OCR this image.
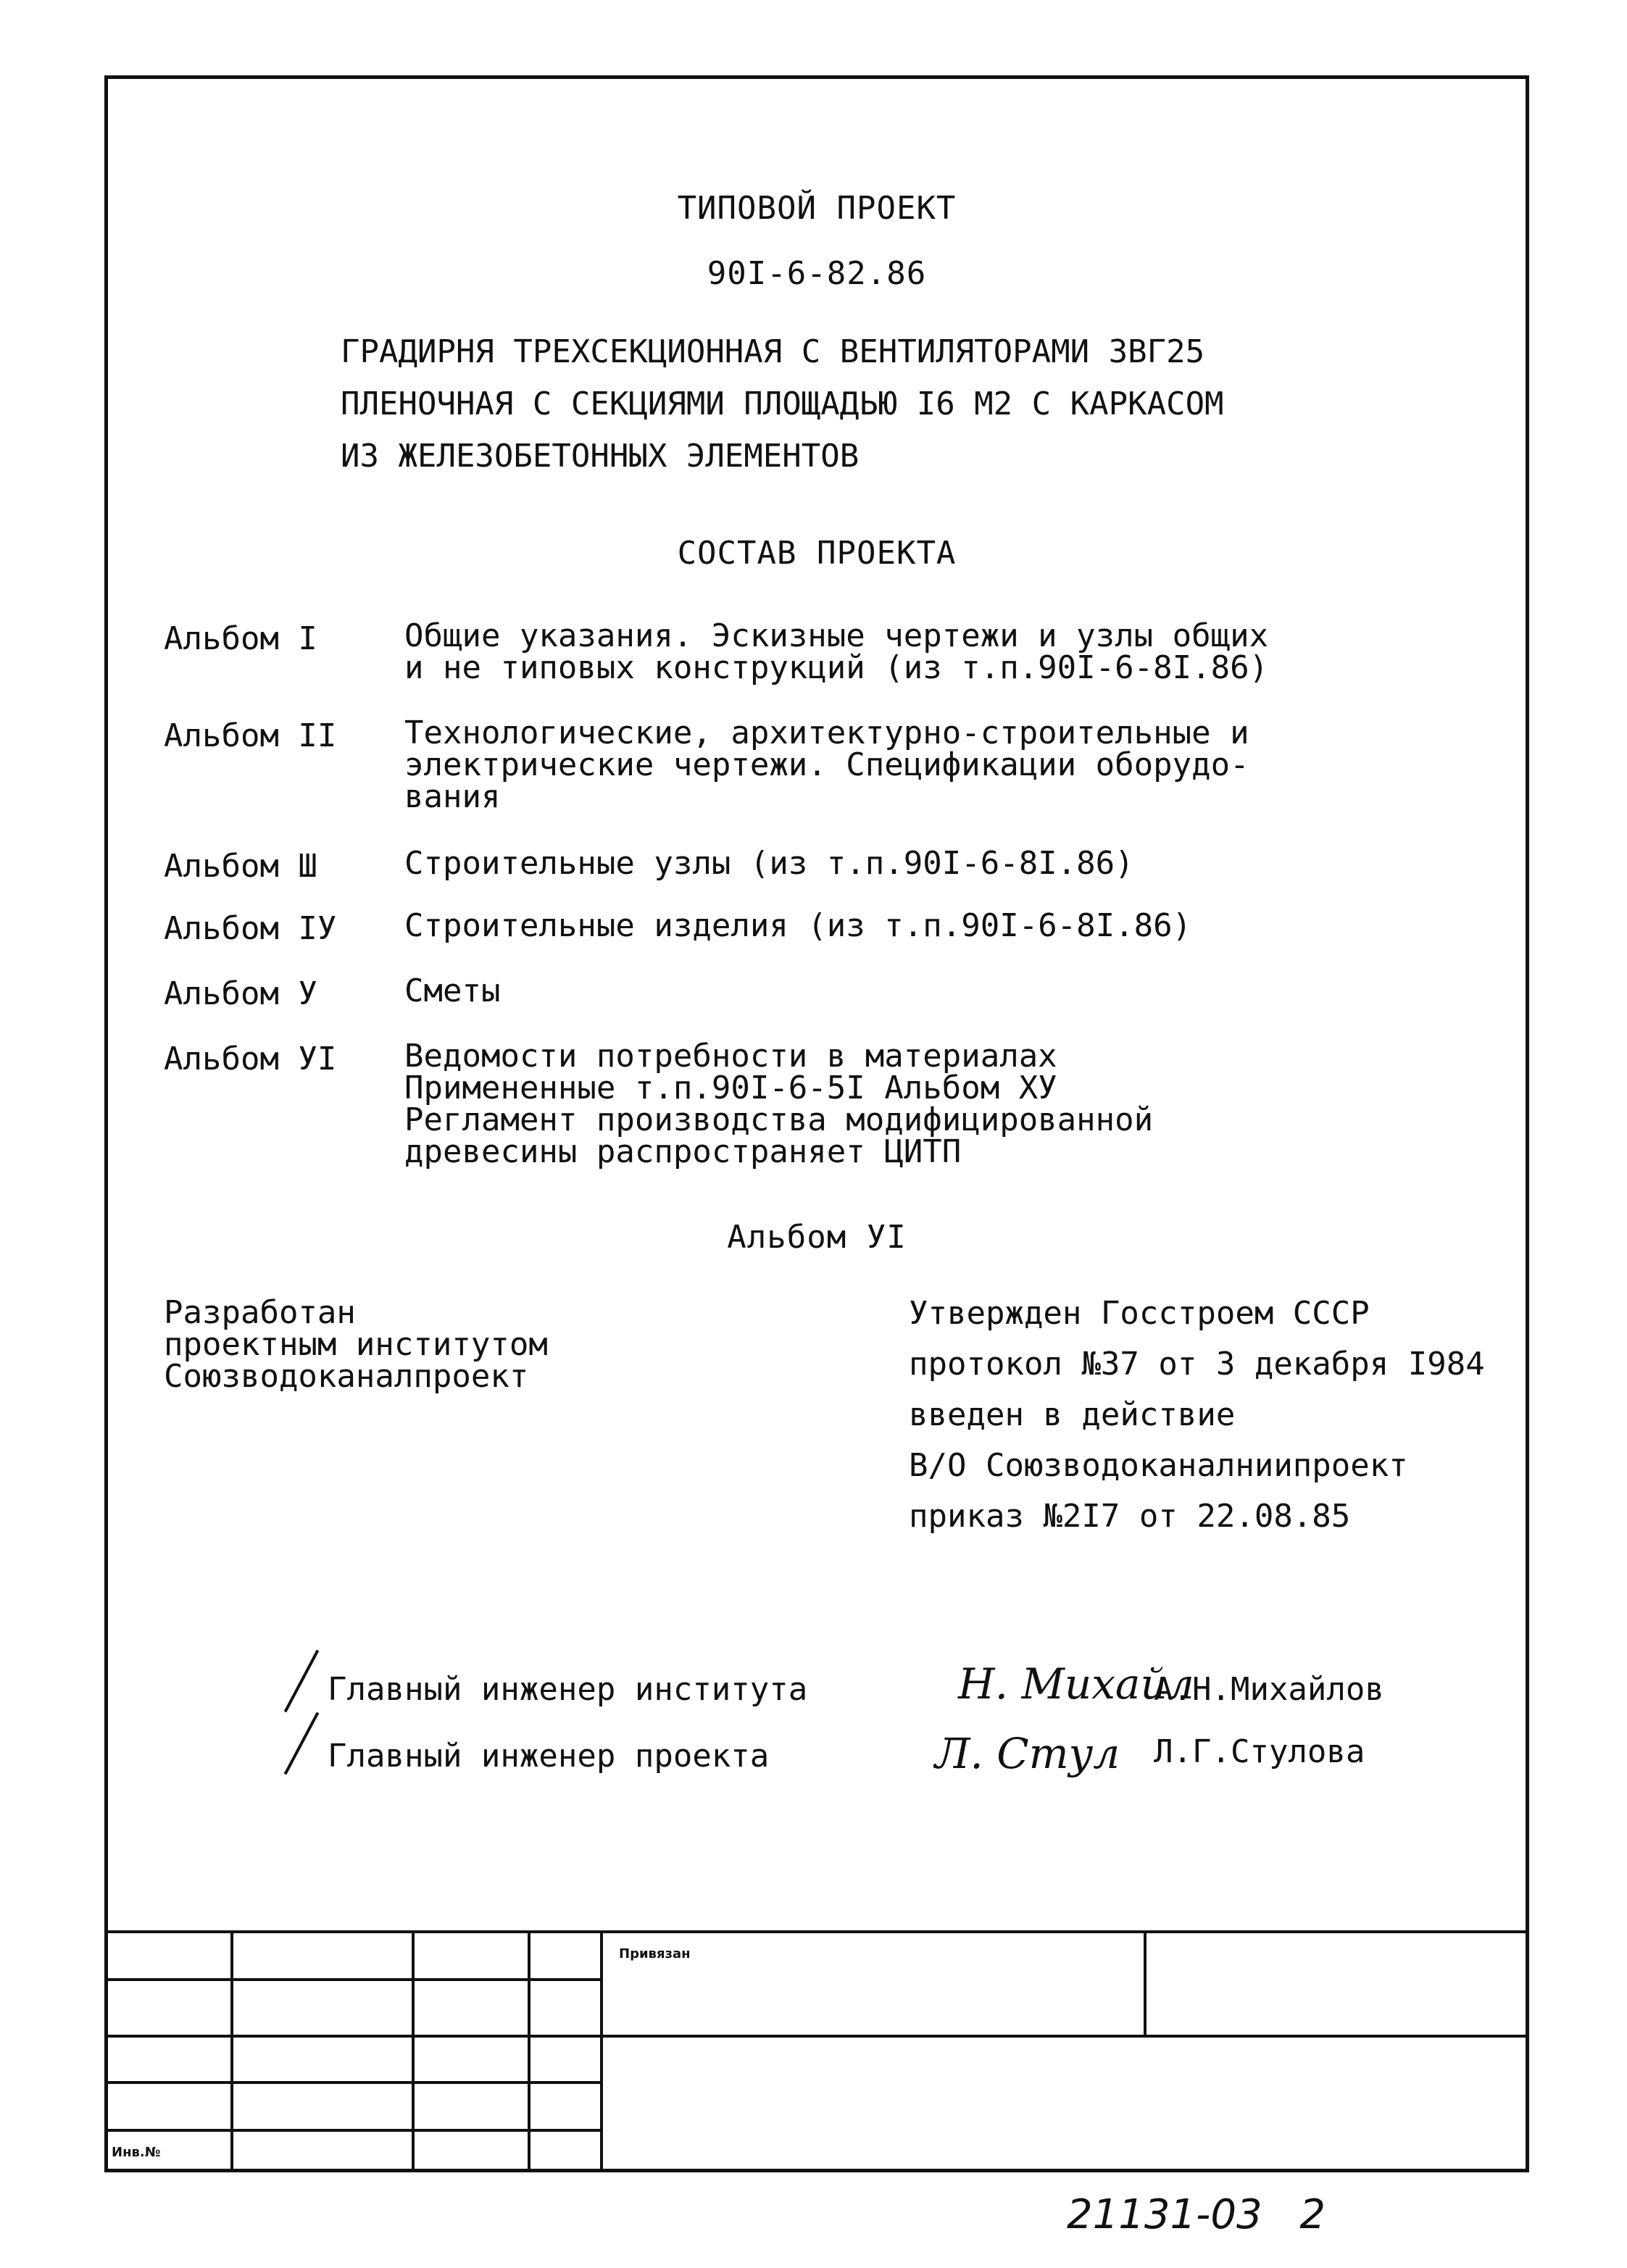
ТИПОВОЙ ПРОЕКТ
90I-6-82.86
ГРАДИРНЯ ТРЕХСЕКЦИОННАЯ С ВЕНТИЛЯТОРАМИ 3ВГ25
ПЛЕНОЧНАЯ С СЕКЦИЯМИ ПЛОЩАДЬЮ I6 М2 С КАРКАСОМ
ИЗ ЖЕЛЕЗОБЕТОННЫХ ЭЛЕМЕНТОВ
СОСТАВ ПРОЕКТА
Альбом I	Общие указания. Эскизные чертежи и узлы общих
и не типовых конструкций (из т.п.90I-6-8I.86)
Альбом II Технологические, архитектурно-строительные и
электрические чертежи. Спецификации оборудо-
вания
Альбом Ш	Строительные узлы (из т.п.90I-6-8I.86)
Альбом IУ Строительные изделия (из т.п.90I-6-8I.86)
Альбом У	Сметы
Альбом УI Ведомости потребности в материалах
Примененные т.п.90I-6-5I Альбом ХУ
Регламент производства модифицированной
древесины распространяет ЦИТП
Альбом УI
Разработан
проектным институтом
Союзводоканалпроект
Утвержден Госстроем СССР
протокол №37 от 3 декабря I984
введен в действие
В/О Союзводоканалниипроект
приказ №2I7 от 22.08.85
Главный инженер института	Н. Михайл
А.Н.Михайлов
Главный инженер проекта	Л. Стул Л.Г.Стулова
Привязан
Инв.№
21131-03 2
